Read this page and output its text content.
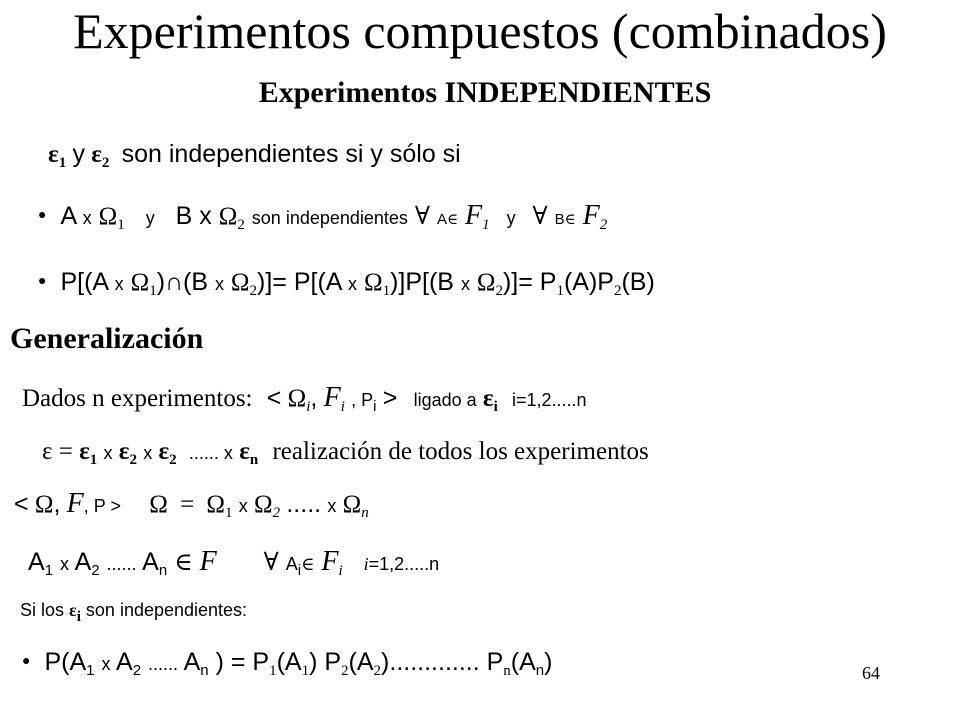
Experimentos compuestos (combinados)
Experimentos INDEPENDIENTES
$\varepsilon_1$ y $\varepsilon_2$ son independientes si y sólo si
● A x $\Omega_1$ y B x $\Omega_2$ son independientes ∀ A∈ $F_1$ y ∀ B∈ $F_2$
● P[(A x $\Omega_1)\cap(B$ x $\Omega_2)]= P[(A$ x $\Omega_1)]P[(B$ x $\Omega_2)]= P_1(A)P_2(B)$
Generalización
Dados n experimentos: < $\Omega_i$, $F_i$ , $P_i$ > ligado a $\varepsilon_i$ i=1,2.....n
$\varepsilon = \varepsilon_1$ x $\varepsilon_2$ x $\varepsilon_2$ ...... x $\varepsilon_n$ realización de todos los experimentos
< Ω, F, $P > \Omega = \Omega_1$ x $\Omega_2$ ..... x $\Omega_n$
$A_1$ x $A_2$ ...... $A_n$ ∈ F ∀ $A_i\in$ $F_i$ i=1,2.....n
Si los $\varepsilon_i$ son independientes:
● $P(A_1$ x $A_2$ ...... $A_n$ ) = $P_1(A_1)$ $P_2(A_2)$............. $P_n(A_n)$	64
